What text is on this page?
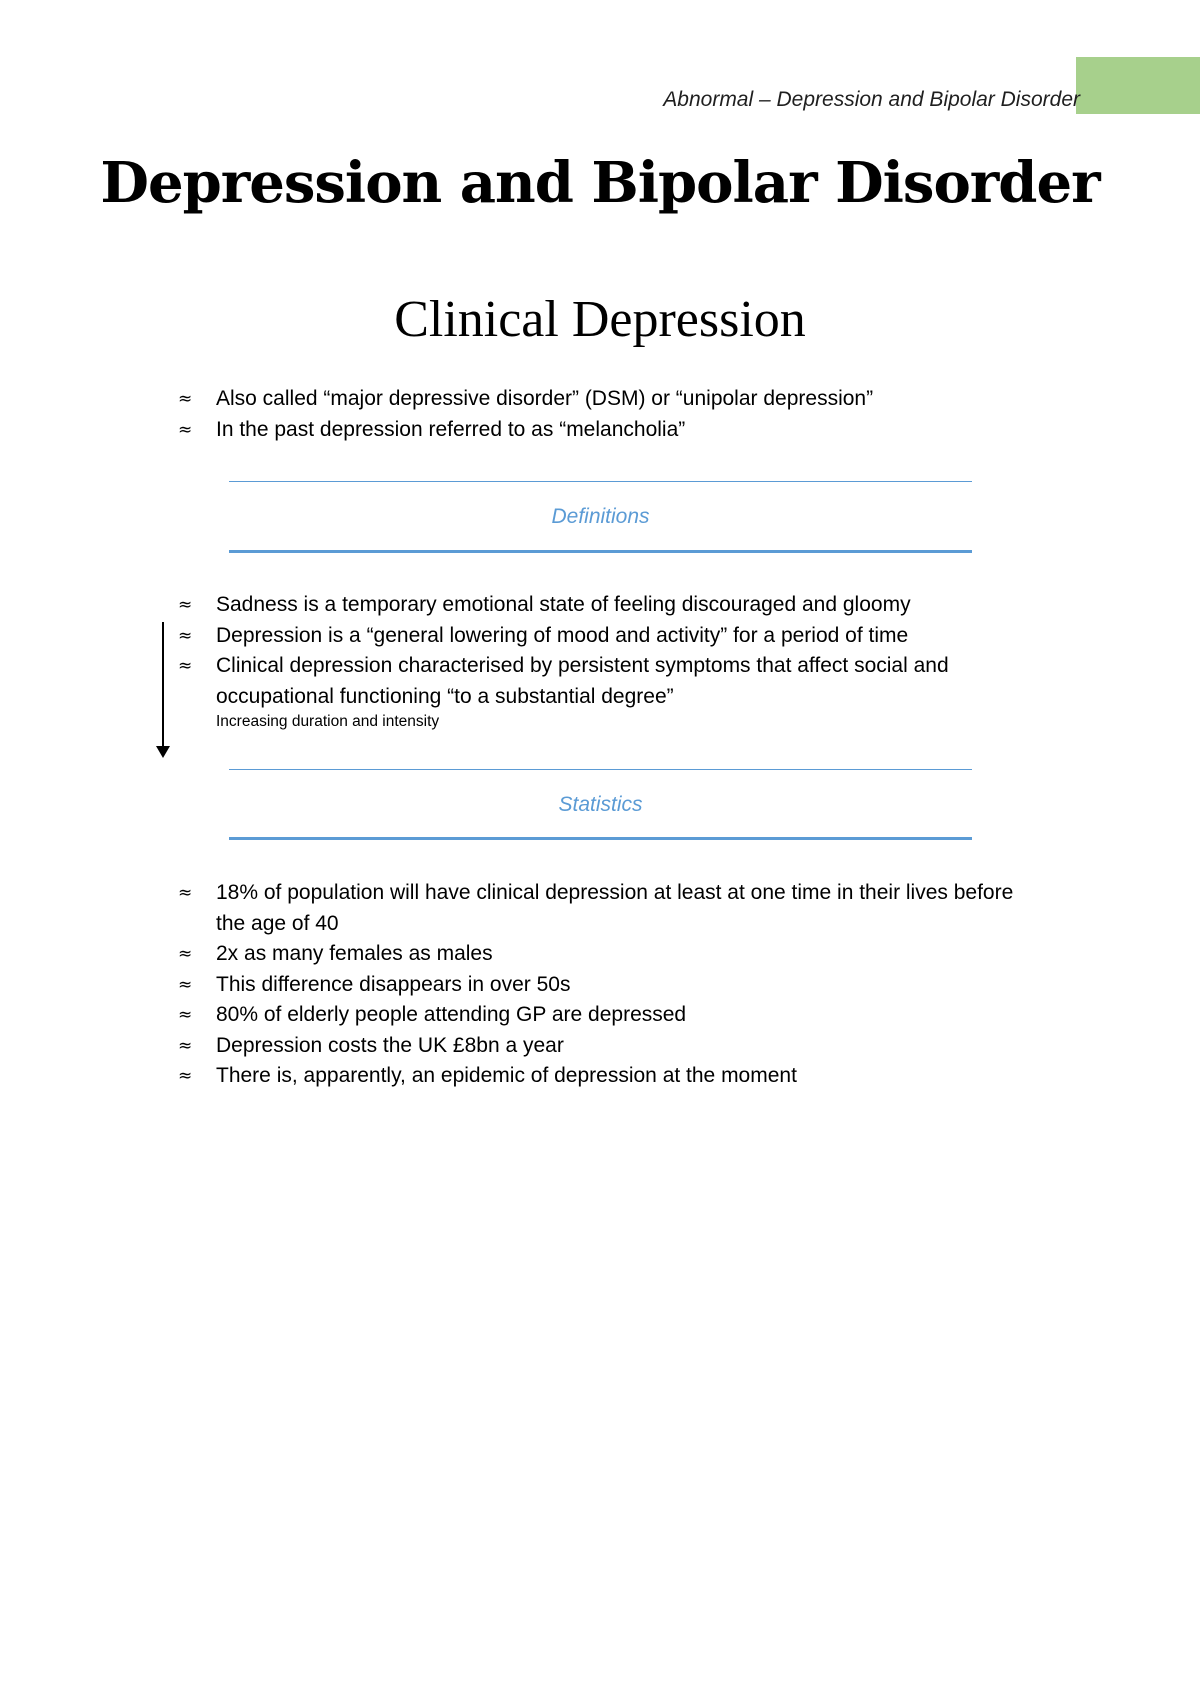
Abnormal – Depression and Bipolar Disorder
Depression and Bipolar Disorder
Clinical Depression
≈ Also called “major depressive disorder” (DSM) or “unipolar depression”
≈ In the past depression referred to as “melancholia”
Definitions
≈ Sadness is a temporary emotional state of feeling discouraged and gloomy
≈ Depression is a “general lowering of mood and activity” for a period of time
≈ Clinical depression characterised by persistent symptoms that affect social and occupational functioning “to a substantial degree”
Increasing duration and intensity
Statistics
≈ 18% of population will have clinical depression at least at one time in their lives before the age of 40
≈ 2x as many females as males
≈ This difference disappears in over 50s
≈ 80% of elderly people attending GP are depressed
≈ Depression costs the UK £8bn a year
≈ There is, apparently, an epidemic of depression at the moment
